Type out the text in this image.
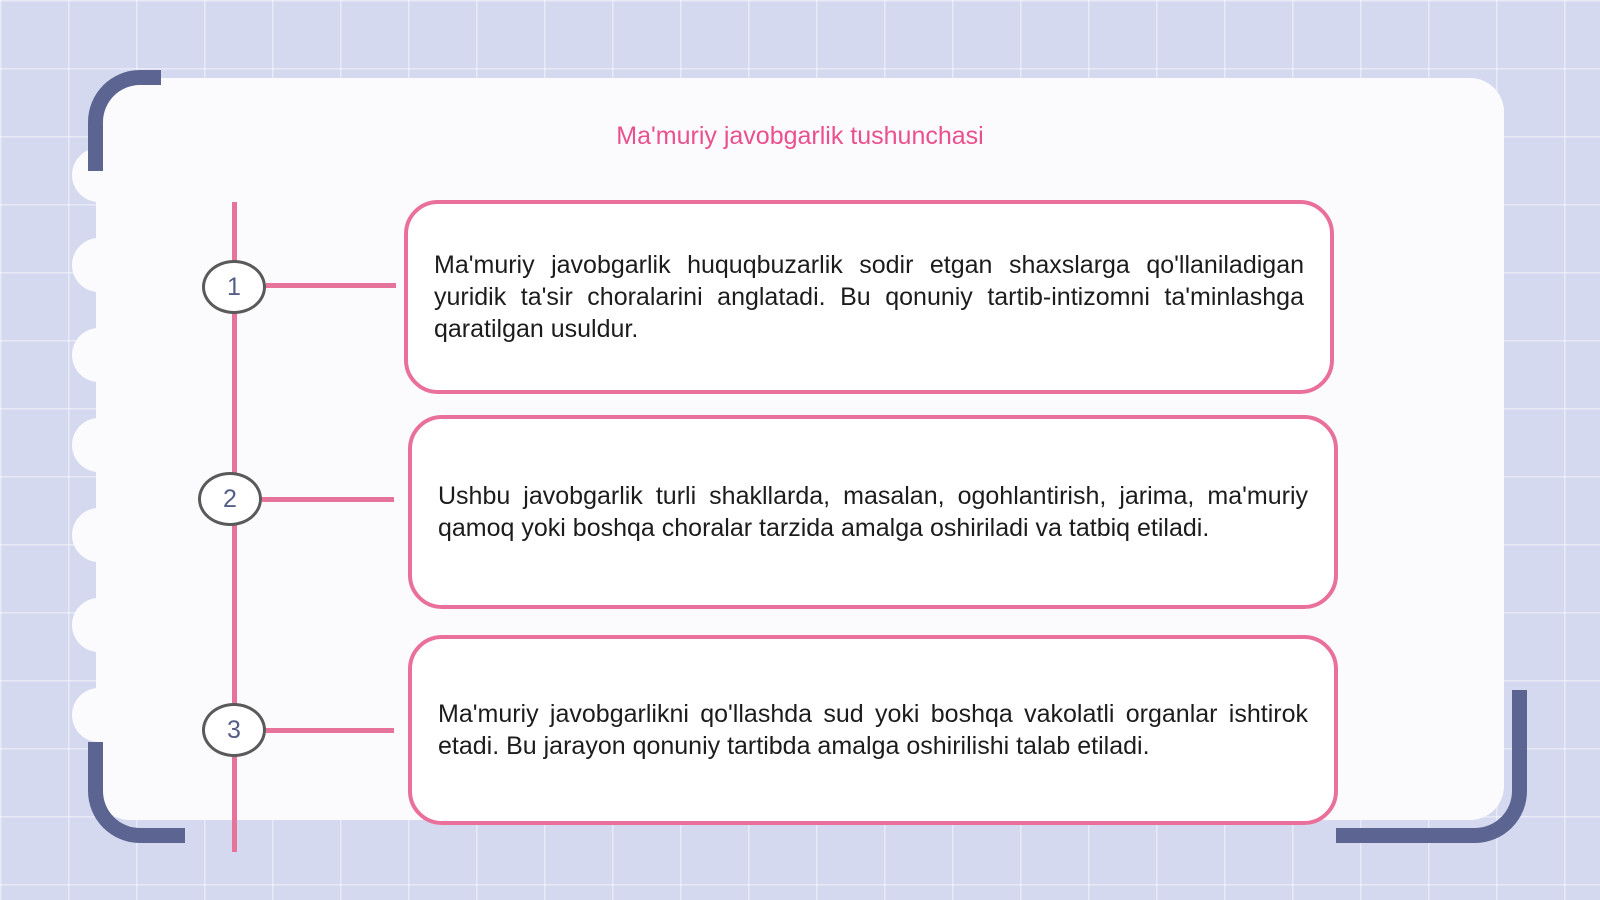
Ma'muriy javobgarlik tushunchasi
1

Ma'muriy javobgarlik huquqbuzarlik sodir etgan shaxslarga qo'llaniladigan yuridik ta'sir choralarini anglatadi. Bu qonuniy tartib-intizomni ta'minlashga qaratilgan usuldur.

2	Ushbu javobgarlik turli shakllarda, masalan, ogohlantirish, jarima, ma'muriy qamoq yoki boshqa choralar tarzida amalga oshiriladi va tatbiq etiladi.

3

Ma'muriy javobgarlikni qo'llashda sud yoki boshqa vakolatli organlar ishtirok etadi. Bu jarayon qonuniy tartibda amalga oshirilishi talab etiladi.
